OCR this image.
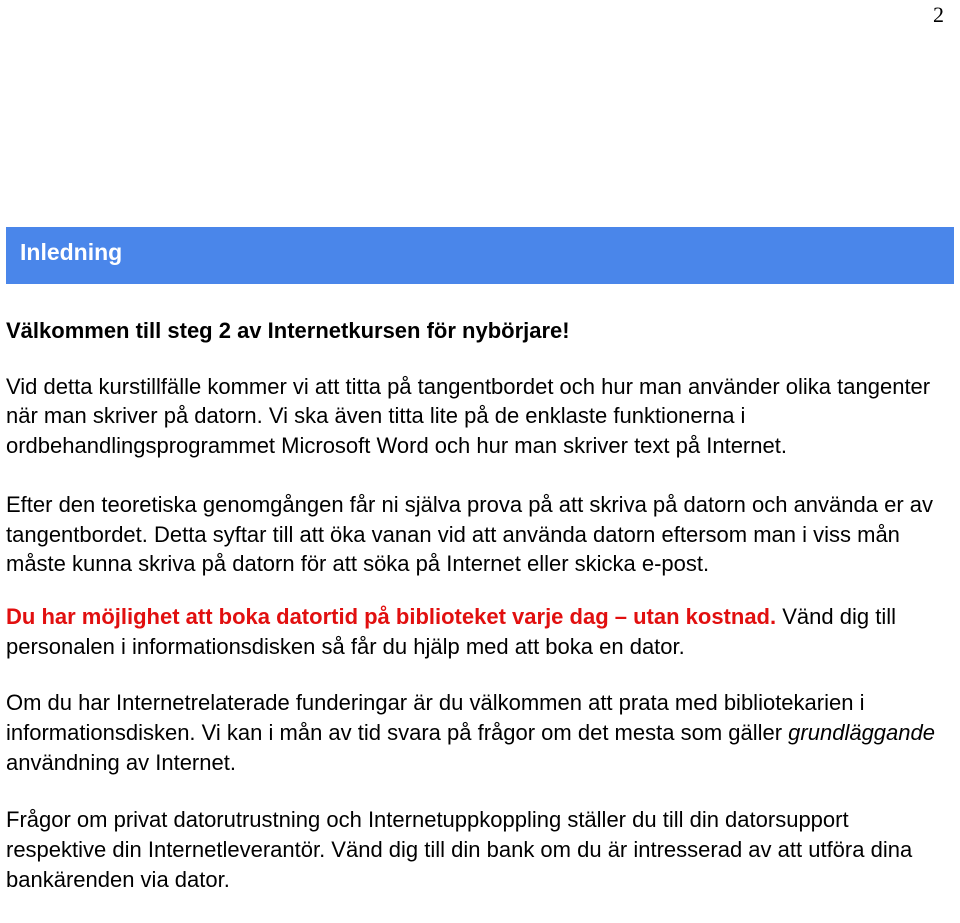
2
Inledning

Välkommen till steg 2 av Internetkursen för nybörjare!

Vid detta kurstillfälle kommer vi att titta på tangentbordet och hur man använder olika tangenter när man skriver på datorn. Vi ska även titta lite på de enklaste funktionerna i ordbehandlingsprogrammet Microsoft Word och hur man skriver text på Internet.

Efter den teoretiska genomgången får ni själva prova på att skriva på datorn och använda er av tangentbordet. Detta syftar till att öka vanan vid att använda datorn eftersom man i viss mån måste kunna skriva på datorn för att söka på Internet eller skicka e-post.

Du har möjlighet att boka datortid på biblioteket varje dag – utan kostnad. Vänd dig till personalen i informationsdisken så får du hjälp med att boka en dator.

Om du har Internetrelaterade funderingar är du välkommen att prata med bibliotekarien i informationsdisken. Vi kan i mån av tid svara på frågor om det mesta som gäller grundläggande användning av Internet.

Frågor om privat datorutrustning och Internetuppkoppling ställer du till din datorsupport respektive din Internetleverantör. Vänd dig till din bank om du är intresserad av att utföra dina bankärenden via dator.
